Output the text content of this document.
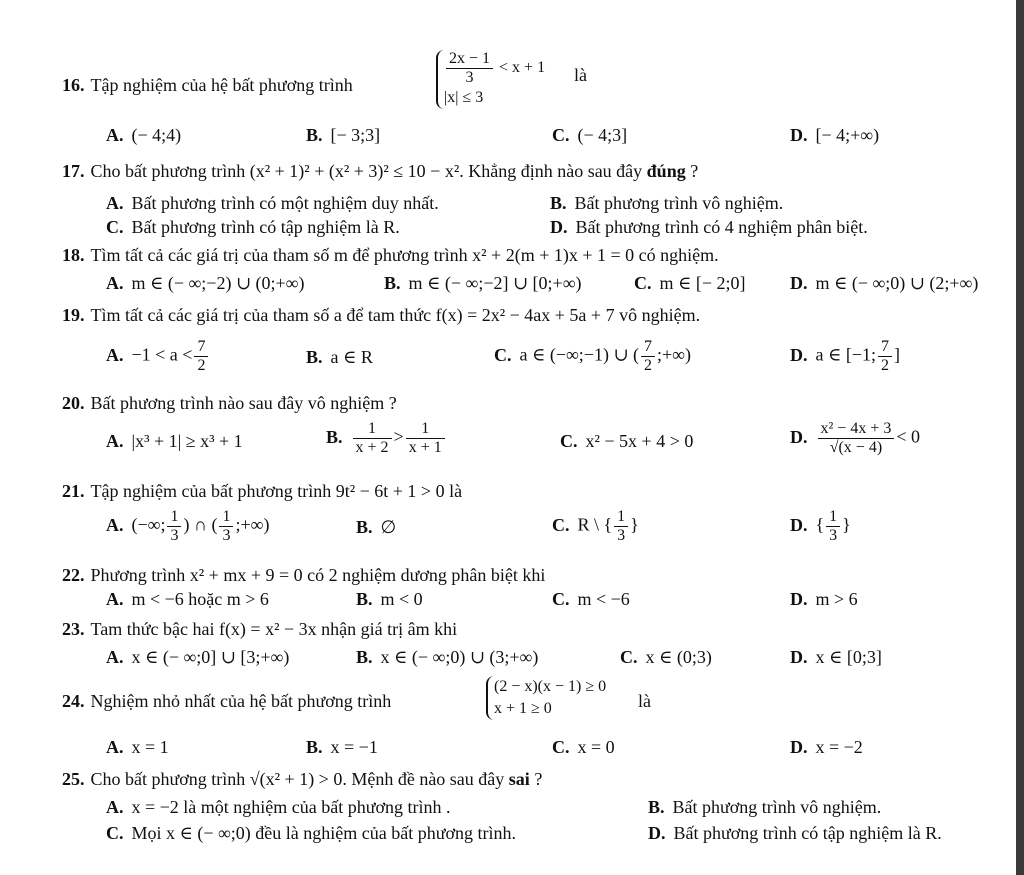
16. Tập nghiệm của hệ bất phương trình	$\frac{2x - 1}{3} < x + 1$
|x| ≤ 3
là
A. (− 4;4)	B. [− 3;3]	C. (− 4;3]	D. [− 4;+∞)
17. Cho bất phương trình (x² + 1)² + (x² + 3)² ≤ 10 − x². Khẳng định nào sau đây đúng ?
A. Bất phương trình có một nghiệm duy nhất.	B. Bất phương trình vô nghiệm.
C. Bất phương trình có tập nghiệm là R.	D. Bất phương trình có 4 nghiệm phân biệt.
18. Tìm tất cả các giá trị của tham số m để phương trình x² + 2(m + 1)x + 1 = 0 có nghiệm.
A. m ∈ (− ∞;−2) ∪ (0;+∞)	B. m ∈ (− ∞;−2] ∪ [0;+∞)	C. m ∈ [− 2;0] D. m ∈ (− ∞;0) ∪ (2;+∞)
19. Tìm tất cả các giá trị của tham số a để tam thức f(x) = 2x² − 4ax + 5a + 7 vô nghiệm.
A. $-1 < a < \frac{7}{2}$	B. a ∈ R	C. a ∈ (−∞;−1) ∪ ( $\frac{7}{2}$ ;+∞)	D. a ∈ [−1; $\frac{7}{2}$ ]
20. Bất phương trình nào sau đây vô nghiệm ?
A. |x³ + 1| ≥ x³ + 1	B. $\frac{1}{x + 2} > \frac{1}{x + 1}$	C. x² − 5x + 4 > 0	D. $\frac{\text{x² − 4x + 3}}{√(x - 4)} < 0$
21. Tập nghiệm của bất phương trình 9t² − 6t + 1 > 0 là
A. (−∞; $\frac{1}{3}$ ) ∩ ( $\frac{1}{3}$ ;+∞)	B. ∅	C. R \ { $\frac{1}{3}$ }	D. { $\frac{1}{3}$ }
22. Phương trình x² + mx + 9 = 0 có 2 nghiệm dương phân biệt khi
A. m < −6 hoặc m > 6	B. m < 0	C. m < −6	D. m > 6
23. Tam thức bậc hai f(x) = x² − 3x nhận giá trị âm khi
A. x ∈ (− ∞;0] ∪ [3;+∞)	B. x ∈ (− ∞;0) ∪ (3;+∞)	C. x ∈ (0;3)	D. x ∈ [0;3]
24. Nghiệm nhỏ nhất của hệ bất phương trình
(2 − x)(x − 1) ≥ 0
x + 1 ≥ 0	là
A. x = 1	B. x = −1	C. x = 0	D. x = −2
25. Cho bất phương trình √(x² + 1) > 0. Mệnh đề nào sau đây sai ?
A. x = −2 là một nghiệm của bất phương trình .	B. Bất phương trình vô nghiệm.
C. Mọi x ∈ (− ∞;0) đều là nghiệm của bất phương trình.	D. Bất phương trình có tập nghiệm là R.
